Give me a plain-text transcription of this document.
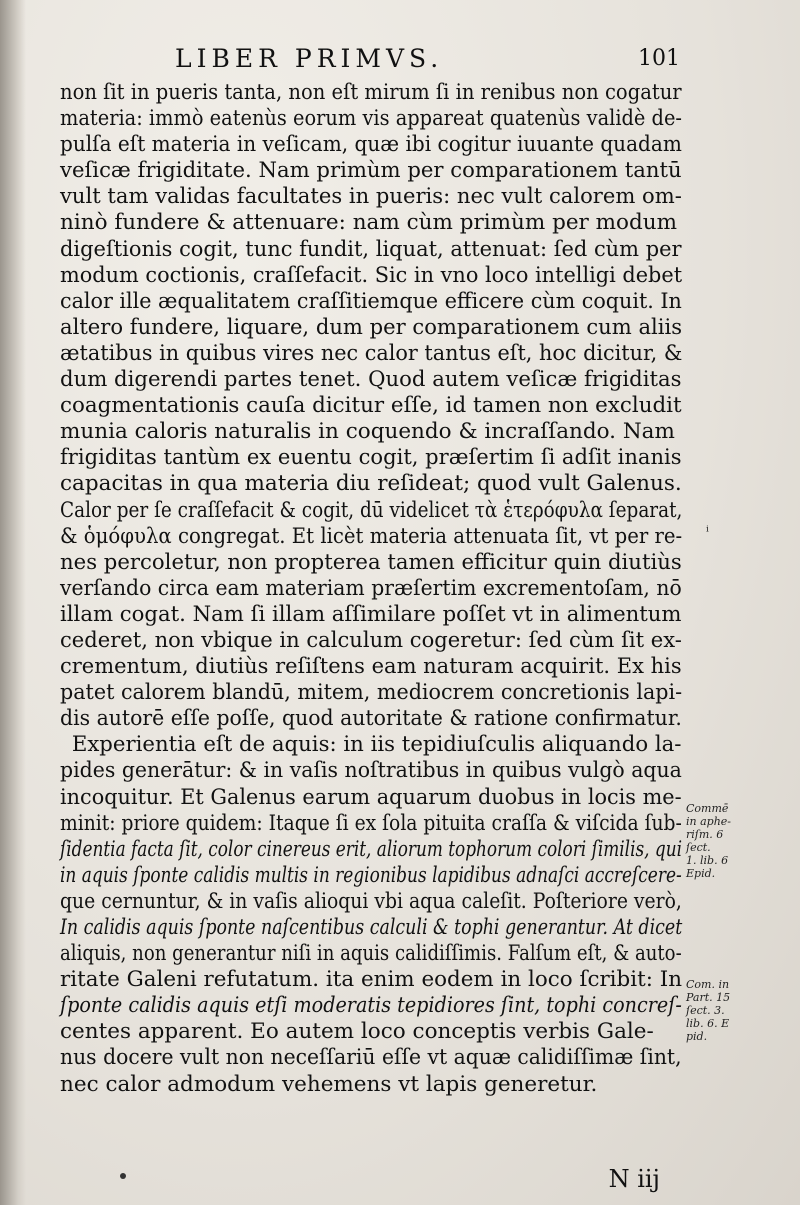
LIBER PRIMVS.	101
non ſit in pueris tanta, non eſt mirum ſi in renibus non cogatur
materia: immò eatenùs eorum vis appareat quatenùs validè de-
pulſa eſt materia in veſicam, quæ ibi cogitur iuuante quadam
veſicæ frigiditate. Nam primùm per comparationem tantū
vult tam validas facultates in pueris: nec vult calorem om-
ninò fundere & attenuare: nam cùm primùm per modum
digeſtionis cogit, tunc fundit, liquat, attenuat: ſed cùm per
modum coctionis, craſſefacit. Sic in vno loco intelligi debet
calor ille æqualitatem craſſitiemque efficere cùm coquit. In
altero fundere, liquare, dum per comparationem cum aliis
ætatibus in quibus vires nec calor tantus eſt, hoc dicitur, &
dum digerendi partes tenet. Quod autem veſicæ frigiditas
coagmentationis cauſa dicitur eſſe, id tamen non excludit
munia caloris naturalis in coquendo & incraſſando. Nam
frigiditas tantùm ex euentu cogit, præſertim ſi adſit inanis
capacitas in qua materia diu reſideat; quod vult Galenus.
Calor per ſe craſſefacit & cogit, dū videlicet τὰ ἑτερόφυλα ſeparat,
& ὁμόφυλα congregat. Et licèt materia attenuata ſit, vt per re-
nes percoletur, non propterea tamen efficitur quin diutiùs
verſando circa eam materiam præſertim excrementoſam, nō
illam cogat. Nam ſi illam aſſimilare poſſet vt in alimentum
cederet, non vbique in calculum cogeretur: ſed cùm ſit ex-
crementum, diutiùs reſiſtens eam naturam acquirit. Ex his
patet calorem blandū, mitem, mediocrem concretionis lapi-
dis autorē eſſe poſſe, quod autoritate & ratione confirmatur.
Experientia eſt de aquis: in iis tepidiuſculis aliquando la-
pides generātur: & in vaſis noſtratibus in quibus vulgò aqua
incoquitur. Et Galenus earum aquarum duobus in locis me-
minit: priore quidem: Itaque ſi ex ſola pituita craſſa & viſcida ſub-
ſidentia facta ſit, color cinereus erit, aliorum tophorum colori ſimilis, qui
in aquis ſponte calidis multis in regionibus lapidibus adnaſci accreſcere-
que cernuntur, & in vaſis alioqui vbi aqua caleſit. Poſteriore verò,
In calidis aquis ſponte naſcentibus calculi & tophi generantur. At dicet
aliquis, non generantur niſi in aquis calidiſſimis. Falſum eſt, & auto-
ritate Galeni refutatum. ita enim eodem in loco ſcribit: In
ſponte calidis aquis etſi moderatis tepidiores ſint, tophi concreſ-
centes apparent. Eo autem loco conceptis verbis Gale-
nus docere vult non neceſſariū eſſe vt aquæ calidiſſimæ ſint,
nec calor admodum vehemens vt lapis generetur.
ⁱ
Commē
in aphe-
riſm. 6
ſect.
1. lib. 6
Epid.
Com. in
Part. 15
ſect. 3.
lib. 6. E
pid.
N iij
